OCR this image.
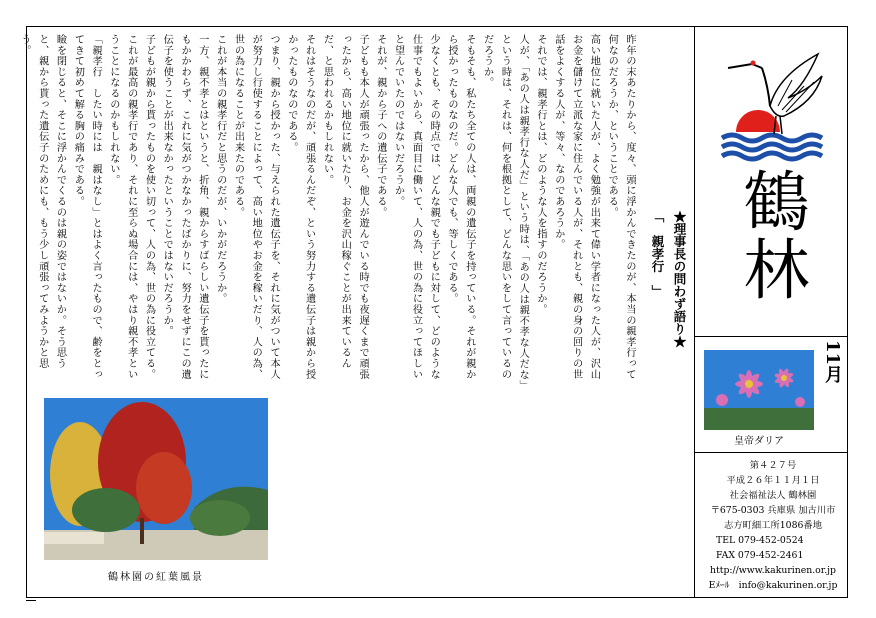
昨年の末あたりから、度々、頭に浮かんできたのが、本当の親孝行って何なのだろうか、ということである。

高い地位に就いた人が、よく勉強が出来て偉い学者になった人が、沢山お金を儲けて立派な家に住んでいる人が、それとも、親の身の回りの世話をよくする人が、等々、なのであろうか。

それでは、親孝行とは、どのような人を指すのだろうか。

人が、「あの人は親孝行な人だ」という時は、「あの人は親不孝な人だな」という時は、それは、何を根拠として、どんな思いをして言っているのだろうか。

そもそも、私たち全ての人は、両親の遺伝子を持っている。それが親から授かったものなのだ。どんな人でも、等しくである。

少なくとも、その時点では、どんな親でも子どもに対して、どのような仕事でもよいから、真面目に働いて、人の為、世の為に役立ってほしいと望んでいたのではないだろうか。

それが、親から子への遺伝子である。

子どもも本人が頑張ったから、他人が遊んでいる時でも夜遅くまで頑張ったから、高い地位に就いたり、お金を沢山稼ぐことが出来ているんだ、と思われるかもしれない。

それはそうなのだが、頑張るんだぞ、という努力する遺伝子は親から授かったものなのである。

つまり、親から授かった、与えられた遺伝子を、それに気がついて本人が努力し行使することによって、高い地位やお金を稼いだり、人の為、世の為になることが出来たのである。

これが本当の親孝行だと思うのだが、いかがだろうか。

一方、親不孝とはというと、折角、親からすばらしい遺伝子を貰ったにもかかわらず、これに気がつかなかったばかりに、努力をせずにこの遺伝子を使うことが出来なかったということではないだろうか。

子どもが親から貰ったものを使い切って、人の為、世の為に役立てる。これが最高の親孝行であり、それに至らぬ場合には、やはり親不孝ということになるのかもしれない。

「親孝行　したい時には　親はなし」とはよく言ったもので、齢をとってきて初めて解る胸の痛みである。

瞼を閉じると、そこに浮かんでくるのは親の姿ではないか。そう思うと、親から貰った遺伝子のためにも、もう少し頑張ってみようかと思う。

★理事長の問わず語り★
「　親孝行　」 鶴林
11月
皇帝ダリア
第４２７号
平成２６年１１月１日
社会福祉法人 鶴林園
〒675-0303 兵庫県 加古川市
志方町細工所1086番地
TEL 079-452-0524
FAX 079-452-2461
http://www.kakurinen.or.jp
Eﾒｰﾙ　info@kakurinen.or.jp
鶴林園の紅葉風景
